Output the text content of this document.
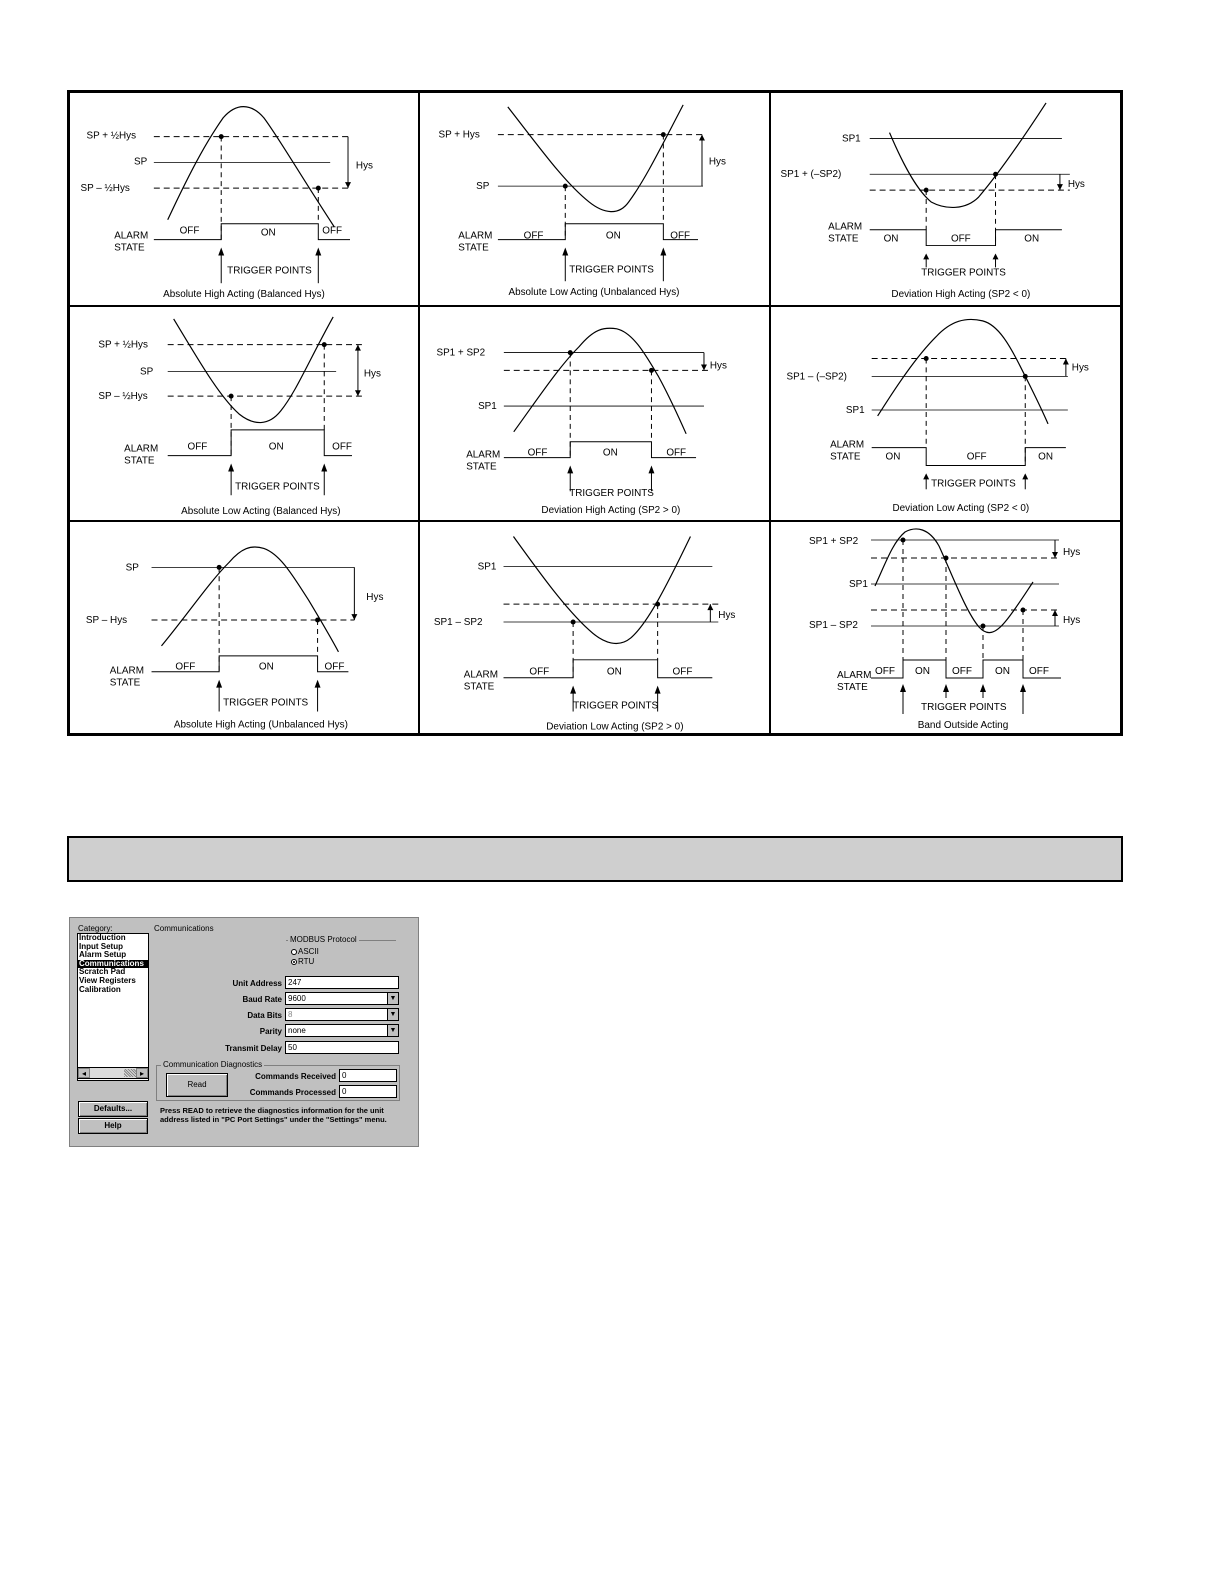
SP + ½Hys
SP
SP – ½Hys
Hys
ALARM
STATE
OFF	ON	OFF
TRIGGER POINTS
Absolute High Acting (Balanced Hys)
SP + Hys
SP
Hys
ALARM
STATE
OFF	ON	OFF
TRIGGER POINTS
Absolute Low Acting (Unbalanced Hys)
SP1
SP1 + (–SP2)
Hys
ALARM
STATE	ON	OFF	ON
TRIGGER POINTS
Deviation High Acting (SP2 < 0)
SP + ½Hys
SP
SP – ½Hys
Hys
ALARM
STATE
OFF	ON	OFF
TRIGGER POINTS
Absolute Low Acting (Balanced Hys)
SP1 + SP2
SP1
Hys
ALARM
STATE
OFF	ON	OFF
TRIGGER POINTS
Deviation High Acting (SP2 > 0)
SP1 – (–SP2)
SP1
Hys
ALARM
STATE	ON	OFF	ON
TRIGGER POINTS
Deviation Low Acting (SP2 < 0)
SP
SP – Hys
Hys
ALARM
STATE
OFF	ON	OFF
TRIGGER POINTS
Absolute High Acting (Unbalanced Hys)
SP1
SP1 – SP2
Hys
ALARM
STATE
OFF	ON	OFF
TRIGGER POINTS
Deviation Low Acting (SP2 > 0)
SP1 + SP2
SP1
SP1 – SP2
Hys
Hys
ALARM
STATE
OFF ON OFF ON OFF
TRIGGER POINTS
Band Outside Acting
Category:
Introduction
Input Setup
Alarm Setup
Communications
Scratch Pad
View Registers
Calibration
◂	▸
Defaults...
Help
Communications
MODBUS Protocol
ASCII
RTU
Unit Address 247
Baud Rate 9600	▼
Data Bits 8	▼
Parity none	▼
Transmit Delay 50
Communication Diagnostics
Read
Commands Received 0
Commands Processed 0
Press READ to retrieve the diagnostics information for the unit
address listed in "PC Port Settings" under the "Settings" menu.
